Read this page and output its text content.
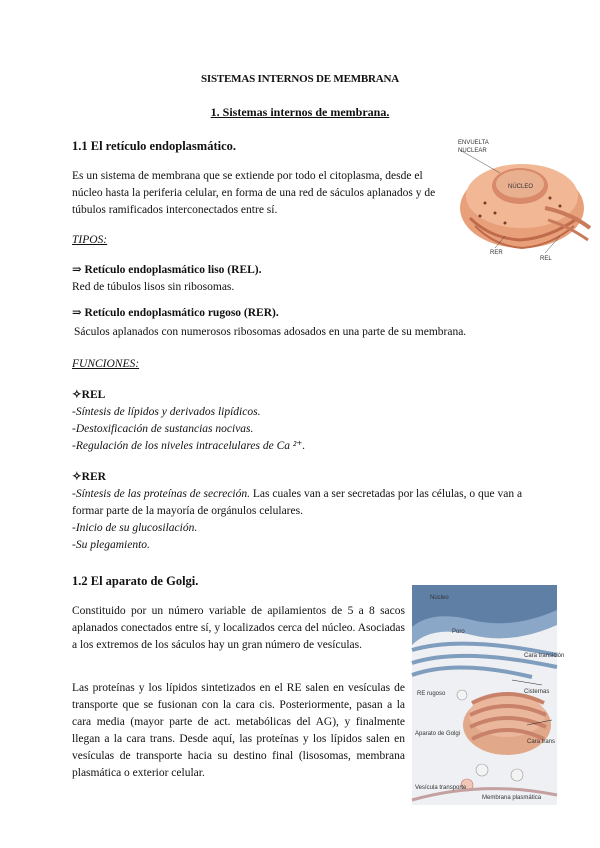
SISTEMAS INTERNOS DE MEMBRANA
1. Sistemas internos de membrana.
1.1 El retículo endoplasmático.
Es un sistema de membrana que se extiende por todo el citoplasma, desde el núcleo hasta la periferia celular, en forma de una red de sáculos aplanados y de túbulos ramificados interconectados entre sí.
ENVUELTA
NUCLEAR
NÚCLEO
RER
REL
TIPOS:
⇒ Retículo endoplasmático liso (REL).
Red de túbulos lisos sin ribosomas.
⇒ Retículo endoplasmático rugoso (RER).
Sáculos aplanados con numerosos ribosomas adosados en una parte de su membrana.
FUNCIONES:
✧REL
-Síntesis de lípidos y derivados lipídicos.
-Destoxificación de sustancias nocivas.
-Regulación de los niveles intracelulares de Ca ²⁺.
✧RER
-Síntesis de las proteínas de secreción. Las cuales van a ser secretadas por las células, o que van a formar parte de la mayoría de orgánulos celulares.
-Inicio de su glucosilación.
-Su plegamiento.
1.2 El aparato de Golgi.
Constituido por un número variable de apilamientos de 5 a 8 sacos aplanados conectados entre sí, y localizados cerca del núcleo. Asociadas a los extremos de los sáculos hay un gran número de vesículas.
Las proteínas y los lípidos sintetizados en el RE salen en vesículas de transporte que se fusionan con la cara cis. Posteriormente, pasan a la cara media (mayor parte de act. metabólicas del AG), y finalmente llegan a la cara trans. Desde aquí, las proteínas y los lípidos salen en vesículas de transporte hacia su destino final (lisosomas, membrana plasmática o exterior celular.
Núcleo
Poro
RE rugoso
Aparato de Golgi
Cara transición
Cisternas
Cara trans
Vesícula transporte
Membrana plasmática
